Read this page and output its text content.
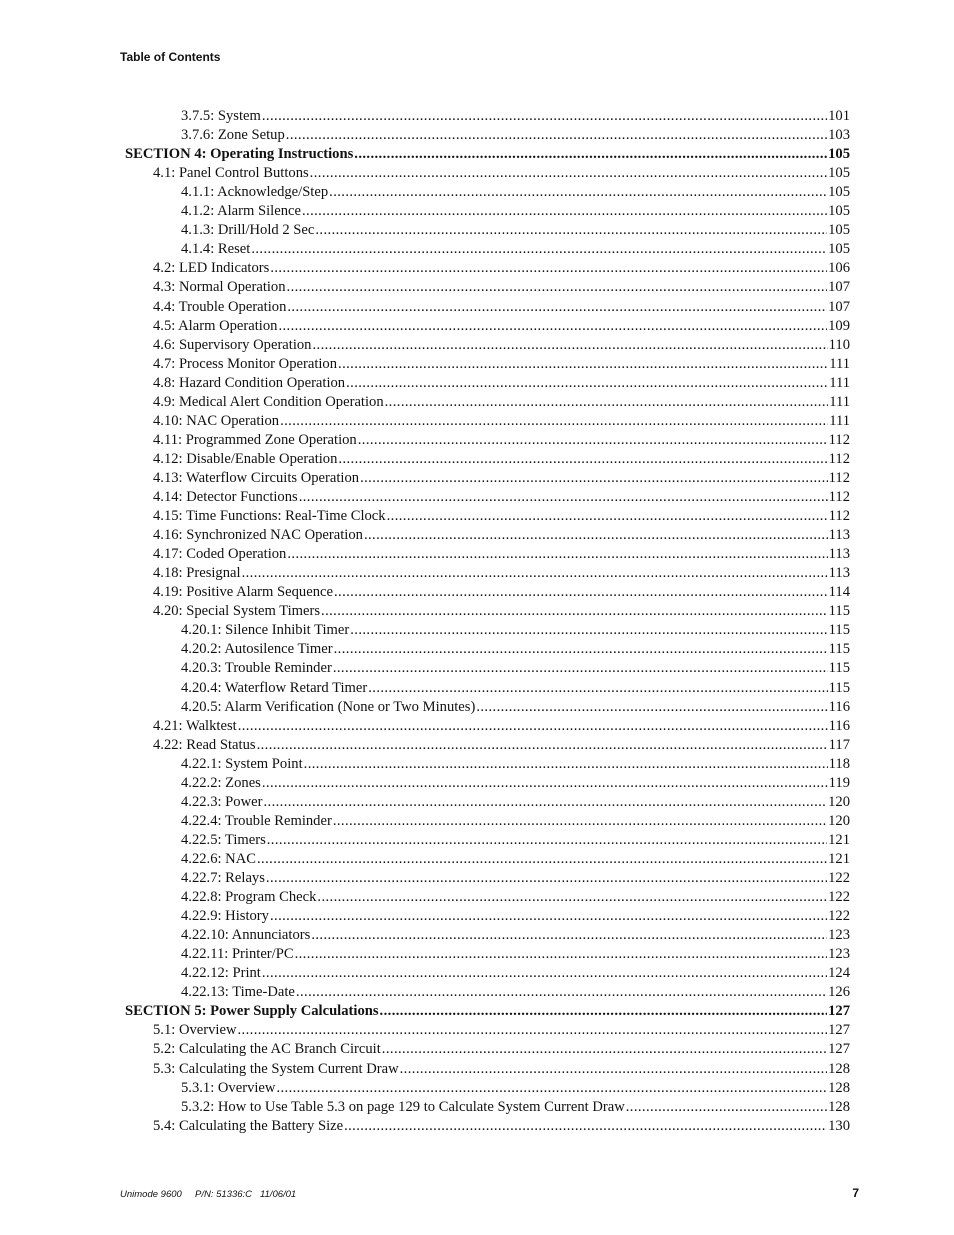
Table of Contents
3.7.5: System .....	101
3.7.6: Zone Setup .....	103
SECTION 4: Operating Instructions .....	105
4.1: Panel Control Buttons .....	105
4.1.1: Acknowledge/Step .....	105
4.1.2: Alarm Silence .....	105
4.1.3: Drill/Hold 2 Sec .....	105
4.1.4: Reset .....	105
4.2: LED Indicators .....	106
4.3: Normal Operation .....	107
4.4: Trouble Operation .....	107
4.5: Alarm Operation .....	109
4.6: Supervisory Operation .....	110
4.7: Process Monitor Operation .....	111
4.8: Hazard Condition Operation .....	111
4.9: Medical Alert Condition Operation .....	111
4.10: NAC Operation .....	111
4.11: Programmed Zone Operation .....	112
4.12: Disable/Enable Operation .....	112
4.13: Waterflow Circuits Operation .....	112
4.14: Detector Functions .....	112
4.15: Time Functions: Real-Time Clock .....	112
4.16: Synchronized NAC Operation .....	113
4.17: Coded Operation .....	113
4.18: Presignal .....	113
4.19: Positive Alarm Sequence .....	114
4.20: Special System Timers .....	115
4.20.1: Silence Inhibit Timer .....	115
4.20.2: Autosilence Timer .....	115
4.20.3: Trouble Reminder .....	115
4.20.4: Waterflow Retard Timer .....	115
4.20.5: Alarm Verification (None or Two Minutes) .....	116
4.21: Walktest .....	116
4.22: Read Status .....	117
4.22.1: System Point .....	118
4.22.2: Zones .....	119
4.22.3: Power .....	120
4.22.4: Trouble Reminder .....	120
4.22.5: Timers .....	121
4.22.6: NAC .....	121
4.22.7: Relays .....	122
4.22.8: Program Check .....	122
4.22.9: History .....	122
4.22.10: Annunciators .....	123
4.22.11: Printer/PC .....	123
4.22.12: Print .....	124
4.22.13: Time-Date .....	126
SECTION 5: Power Supply Calculations .....	127
5.1: Overview .....	127
5.2: Calculating the AC Branch Circuit .....	127
5.3: Calculating the System Current Draw .....	128
5.3.1: Overview .....	128
5.3.2: How to Use Table 5.3 on page 129 to Calculate System Current Draw .....	128
5.4: Calculating the Battery Size .....	130
Unimode 9600     P/N: 51336:C   11/06/01	7
